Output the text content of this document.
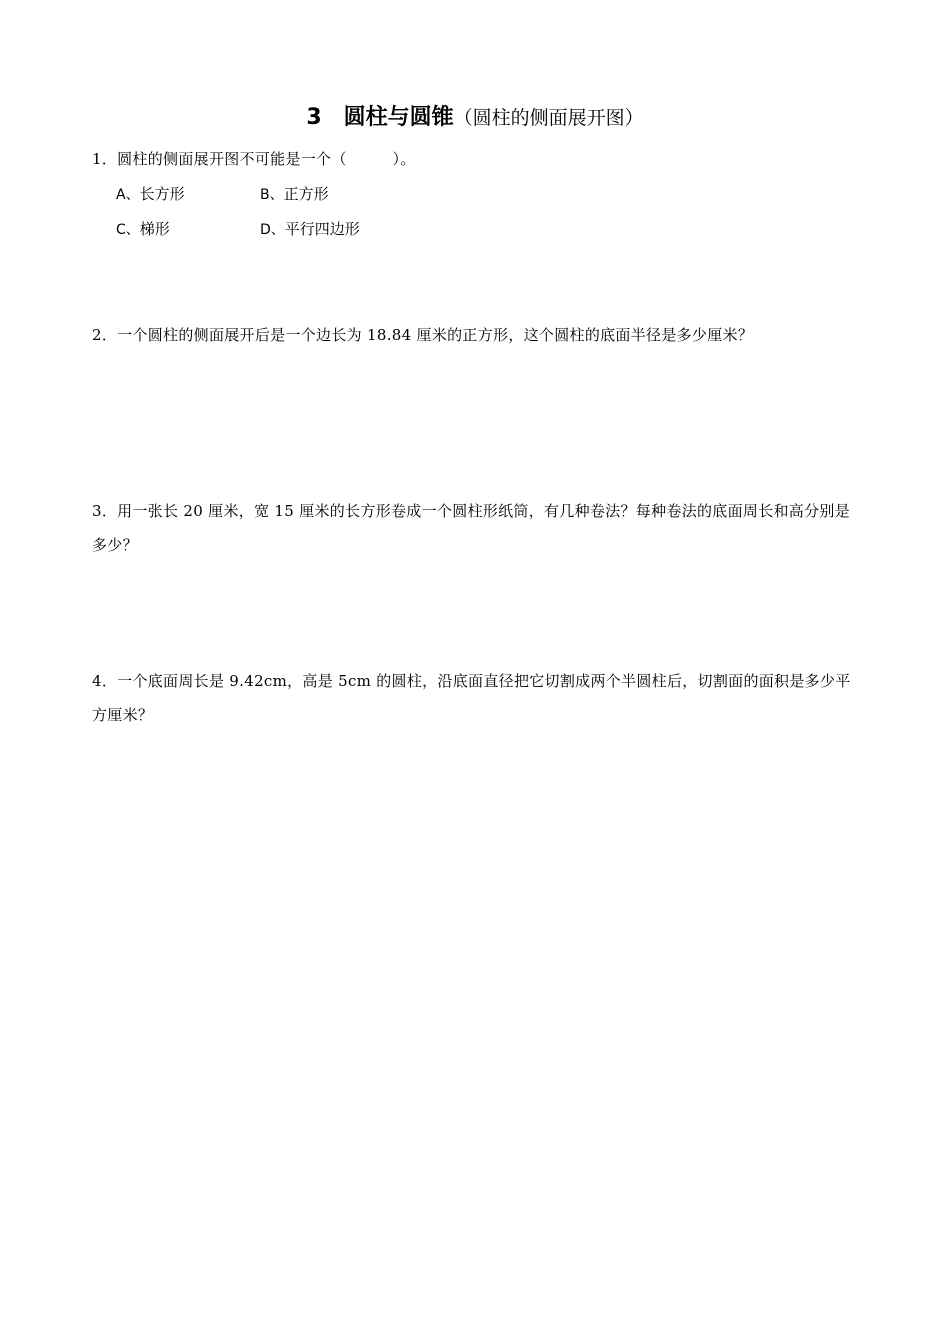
3　圆柱与圆锥（圆柱的侧面展开图）
1．圆柱的侧面展开图不可能是一个（　　　）。
A、长方形	B、正方形
C、梯形	D、平行四边形
2．一个圆柱的侧面展开后是一个边长为 18.84 厘米的正方形，这个圆柱的底面半径是多少厘米？
3．用一张长 20 厘米，宽 15 厘米的长方形卷成一个圆柱形纸筒，有几种卷法？每种卷法的底面周长和高分别是多少？
4．一个底面周长是 9.42cm，高是 5cm 的圆柱，沿底面直径把它切割成两个半圆柱后，切割面的面积是多少平方厘米？
